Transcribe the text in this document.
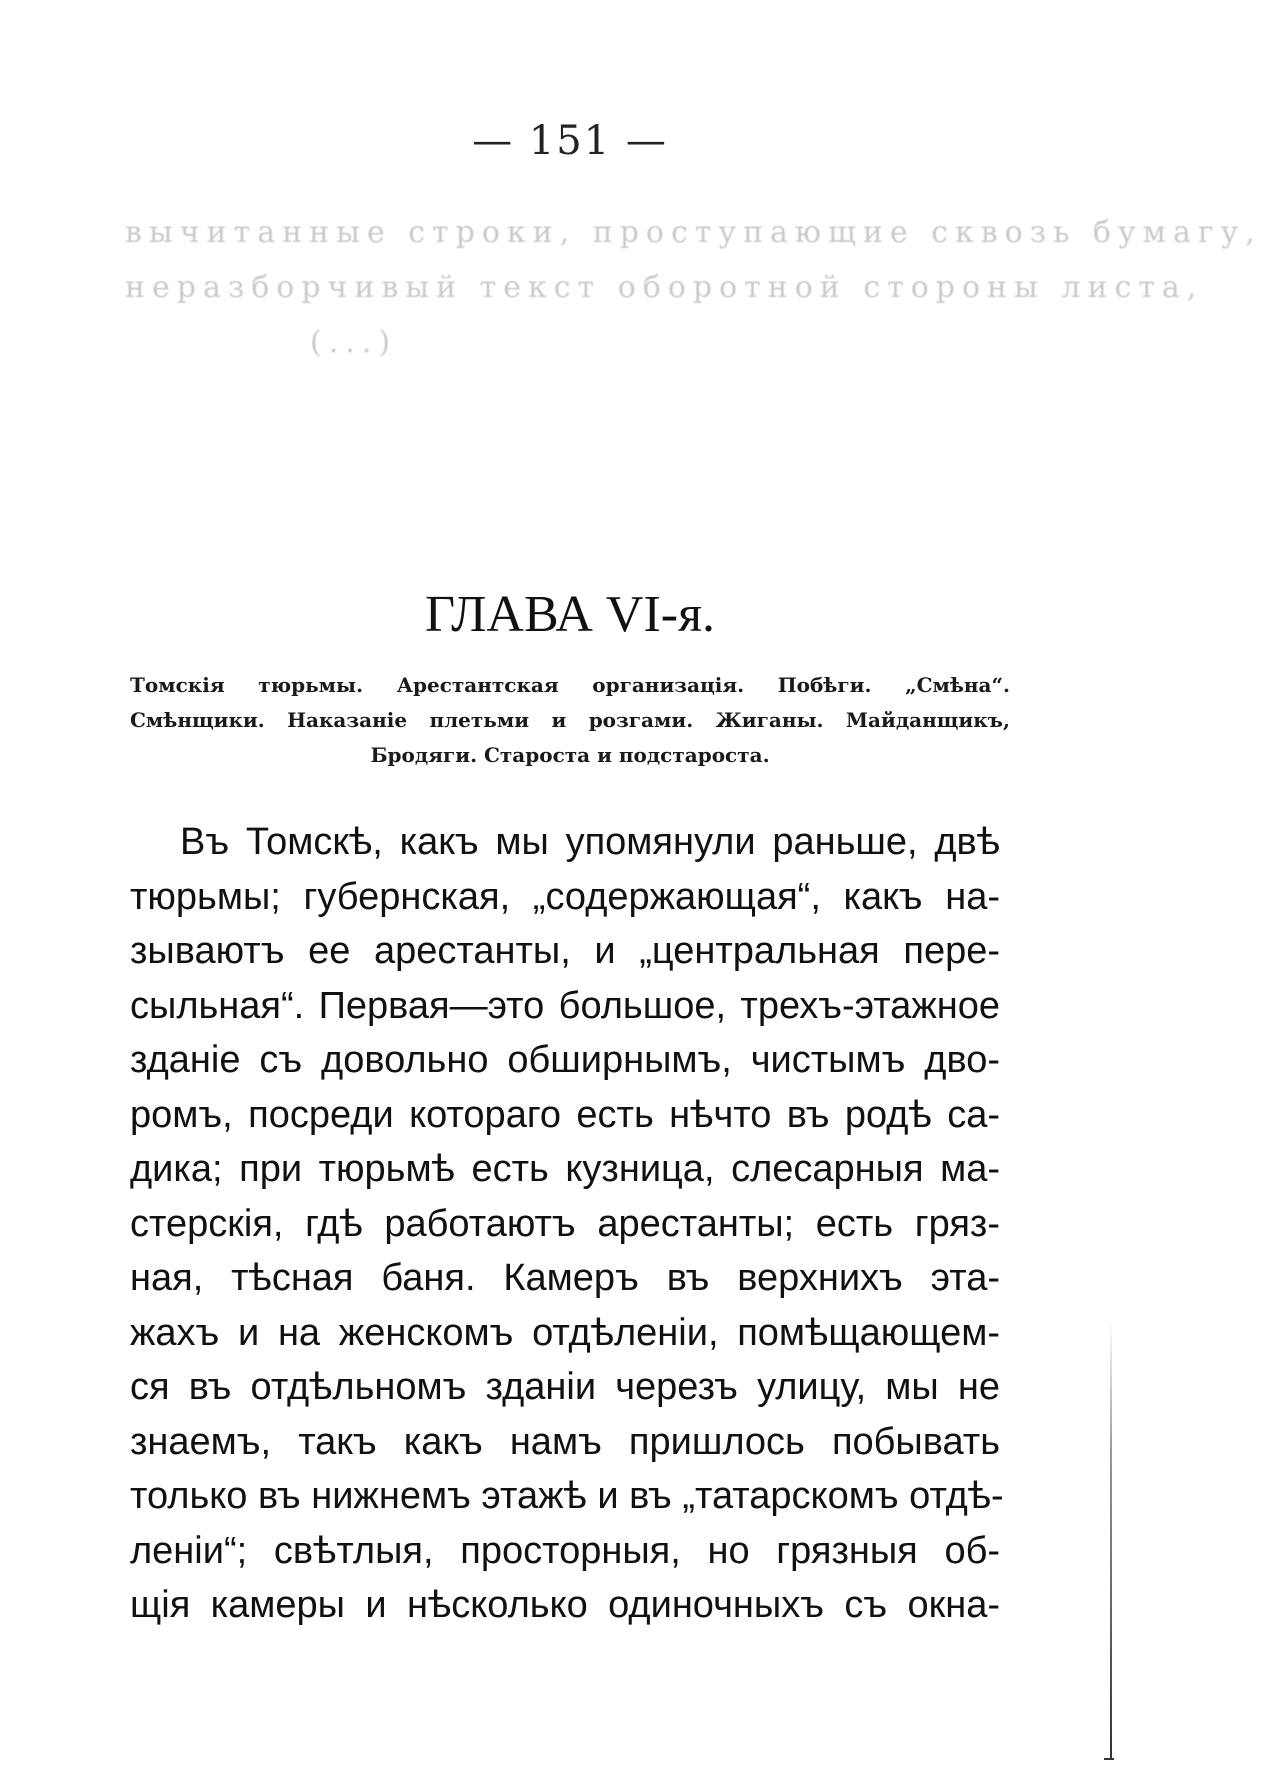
— 151 —
вычитанные строки, проступающие сквозь бумагу,
неразборчивый текст оборотной стороны листа,
(...)
ГЛАВА VI-я.
Томскія тюрьмы. Арестантская организація. Побѣги. „Смѣна“.
Смѣнщики. Наказаніе плетьми и розгами. Жиганы. Майданщикъ,
Бродяги. Староста и подстароста.
Въ Томскѣ, какъ мы упомянули раньше, двѣ
тюрьмы; губернская, „содержающая“, какъ на-
зываютъ ее арестанты, и „центральная пере-
сыльная“. Первая—это большое, трехъ-этажное
зданіе съ довольно обширнымъ, чистымъ дво-
ромъ, посреди котораго есть нѣчто въ родѣ са-
дика; при тюрьмѣ есть кузница, слесарныя ма-
стерскія, гдѣ работаютъ арестанты; есть гряз-
ная, тѣсная баня. Камеръ въ верхнихъ эта-
жахъ и на женскомъ отдѣленіи, помѣщающем-
ся въ отдѣльномъ зданіи черезъ улицу, мы не
знаемъ, такъ какъ намъ пришлось побывать
только въ нижнемъ этажѣ и въ „татарскомъ отдѣ-
леніи“; свѣтлыя, просторныя, но грязныя об-
щія камеры и нѣсколько одиночныхъ съ окна-
